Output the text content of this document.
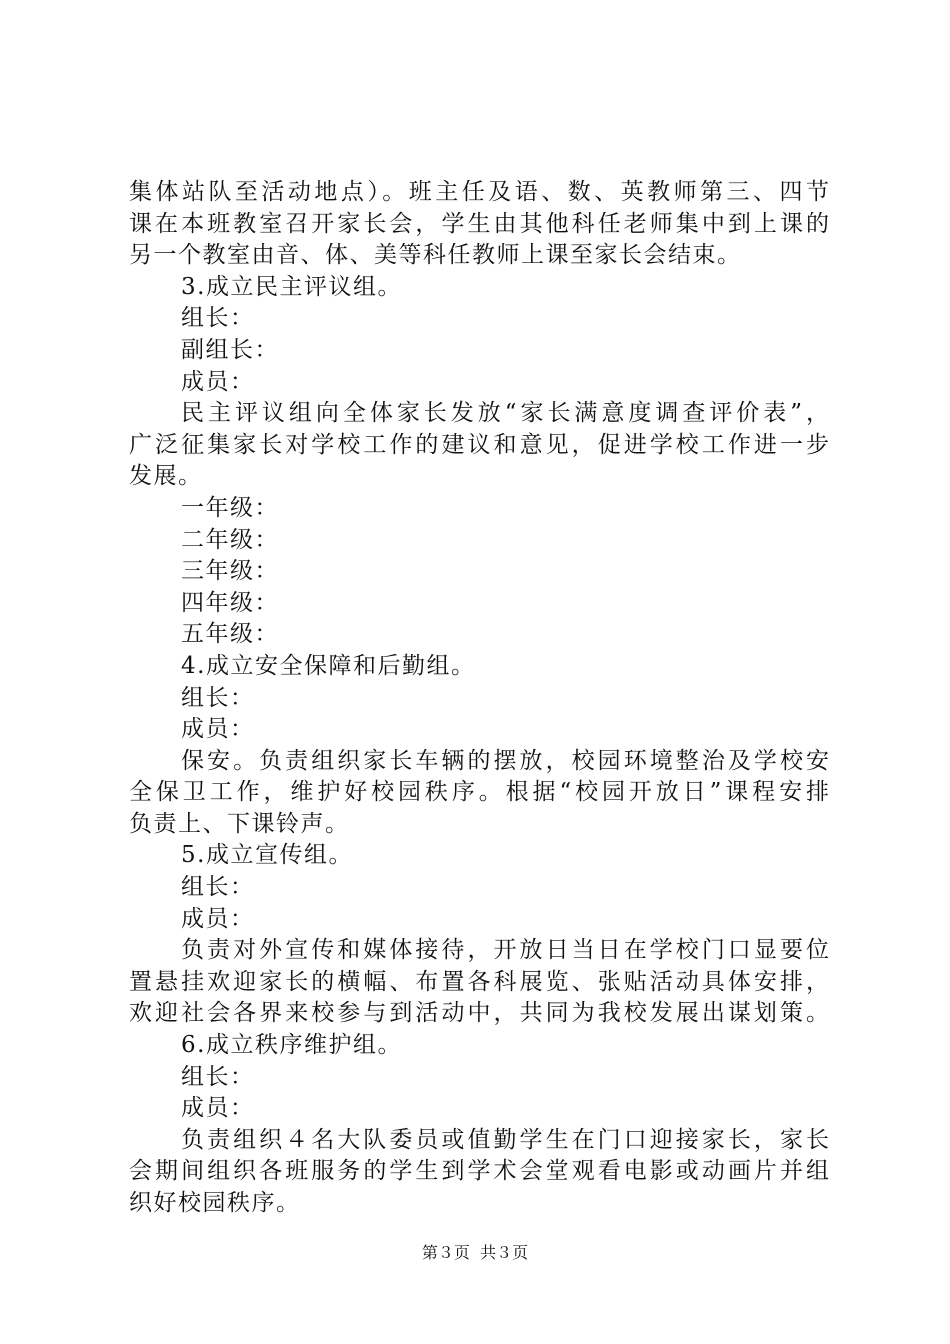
集体站队至活动地点）。班主任及语、数、英教师第三、四节
课在本班教室召开家长会，学生由其他科任老师集中到上课的
另一个教室由音、体、美等科任教师上课至家长会结束。
3.成立民主评议组。
组长：
副组长：
成员：
民主评议组向全体家长发放“家长满意度调查评价表”，
广泛征集家长对学校工作的建议和意见，促进学校工作进一步
发展。
一年级：
二年级：
三年级：
四年级：
五年级：
4.成立安全保障和后勤组。
组长：
成员：
保安。负责组织家长车辆的摆放，校园环境整治及学校安
全保卫工作，维护好校园秩序。根据“校园开放日”课程安排
负责上、下课铃声。
5.成立宣传组。
组长：
成员：
负责对外宣传和媒体接待，开放日当日在学校门口显要位
置悬挂欢迎家长的横幅、布置各科展览、张贴活动具体安排，
欢迎社会各界来校参与到活动中，共同为我校发展出谋划策。
6.成立秩序维护组。
组长：
成员：
负责组织４名大队委员或值勤学生在门口迎接家长，家长
会期间组织各班服务的学生到学术会堂观看电影或动画片并组
织好校园秩序。
第３页  共３页
